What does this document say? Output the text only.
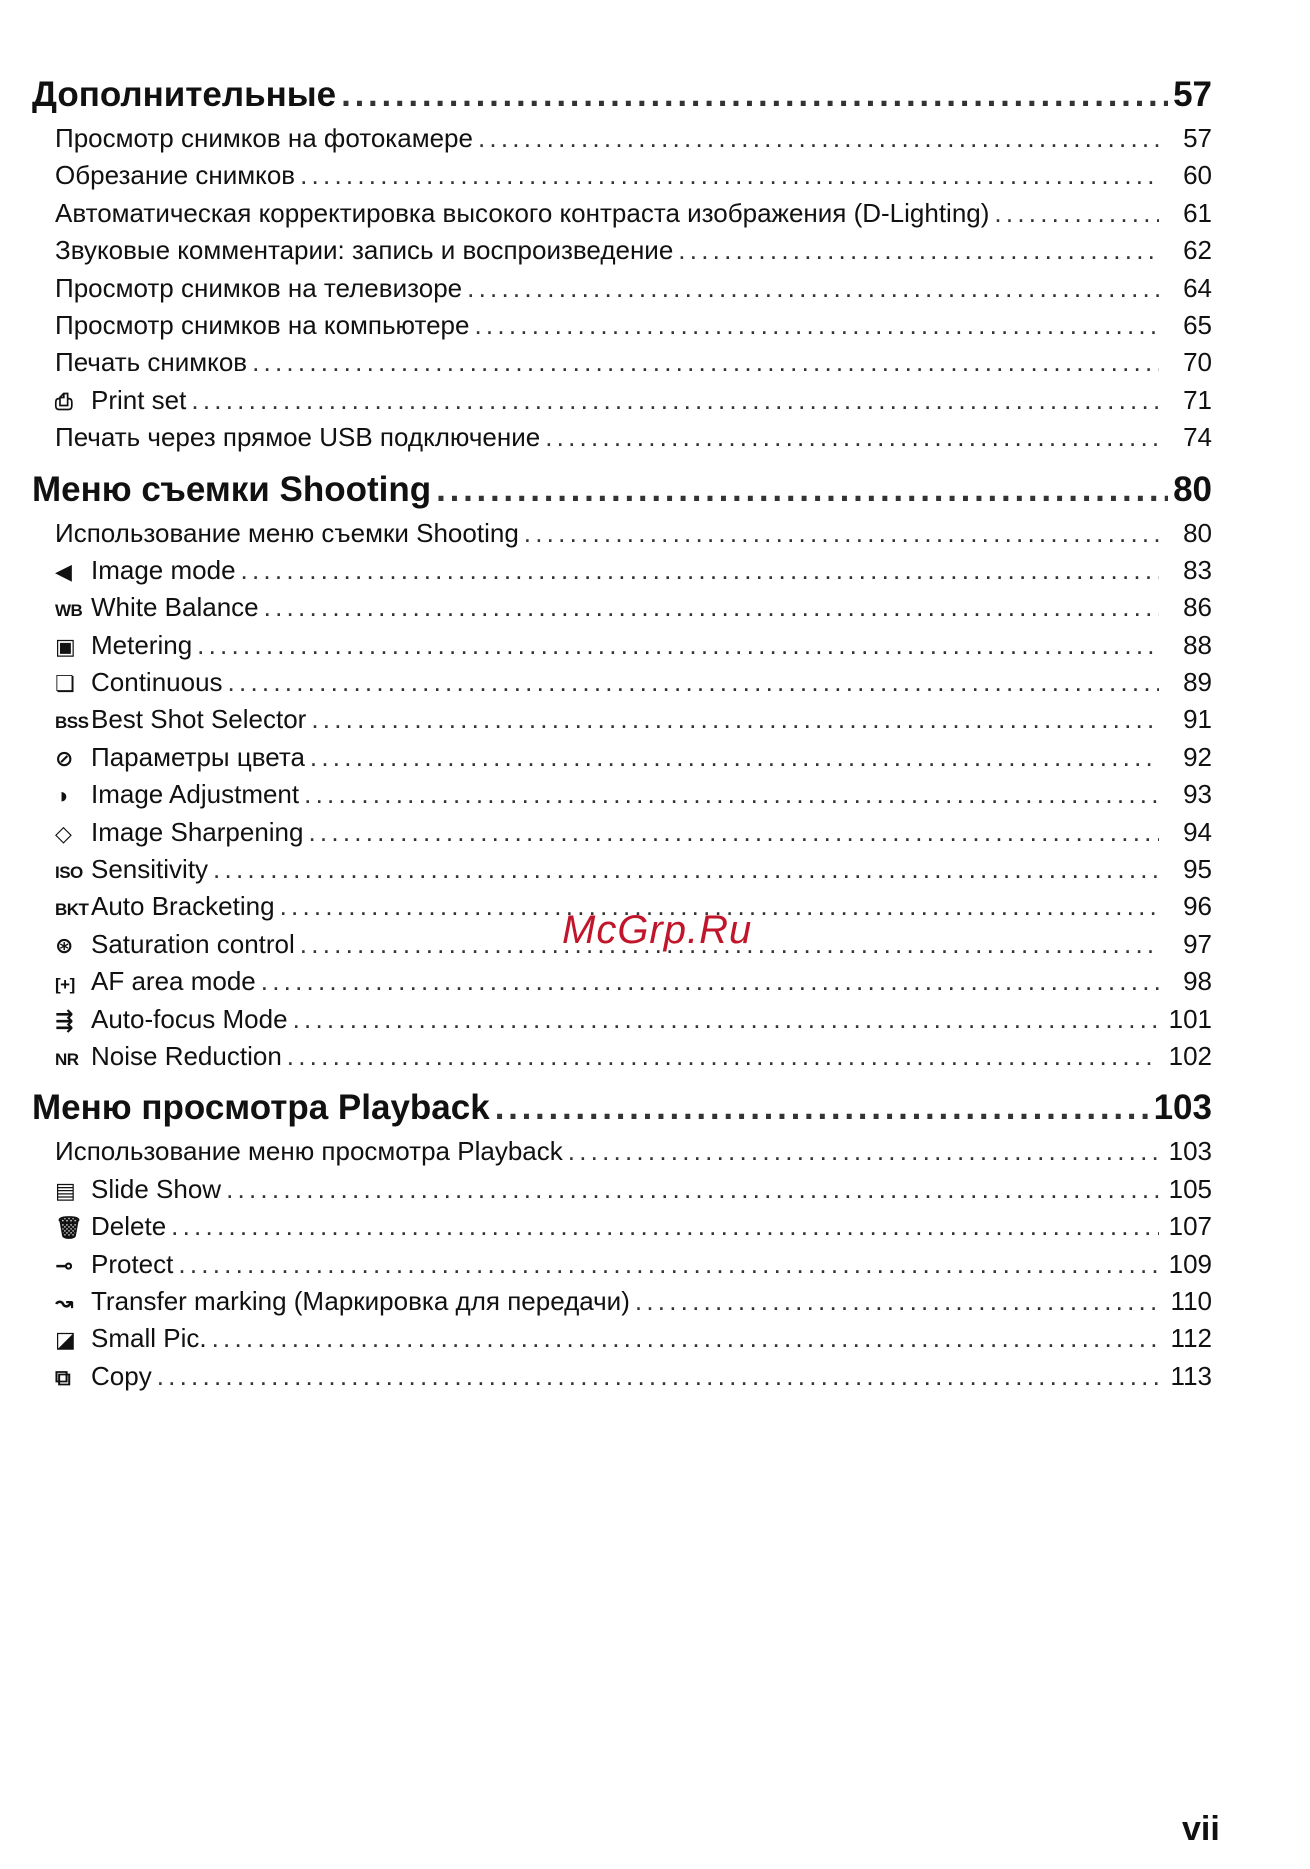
Дополнительные . . .	57
Просмотр снимков на фотокамере . . .	57
Обрезание снимков . . .	60
Автоматическая корректировка высокого контраста изображения (D-Lighting) . . .	61
Звуковые комментарии: запись и воспроизведение . . .	62
Просмотр снимков на телевизоре . . .	64
Просмотр снимков на компьютере . . .	65
Печать снимков . . .	70
⎙ Print set . . .	71
Печать через прямое USB подключение . . .	74
Меню съемки Shooting . . .	80
Использование меню съемки Shooting . . .	80
◀ Image mode . . .	83
WB White Balance . . .	86
▣ Metering . . .	88
❏ Continuous . . .	89
BSSBest Shot Selector . . .	91
⊘ Параметры цвета . . .	92
◑ Image Adjustment . . .	93
◇ Image Sharpening . . .	94
ISO Sensitivity . . .	95
BKTAuto Bracketing . . .	96
⊛ Saturation control . . .	97
[+] AF area mode . . .	98
⇶ Auto-focus Mode . . .	101
NR Noise Reduction . . .	102
Меню просмотра Playback . . .	103
Использование меню просмотра Playback . . .	103
▤ Slide Show . . .	105
🗑 Delete . . .	107
⊸ Protect . . .	109
↝ Transfer marking (Маркировка для передачи) . . .	110
◪ Small Pic. . . .	112
⧉ Copy . . .	113
McGrp.Ru
vii
